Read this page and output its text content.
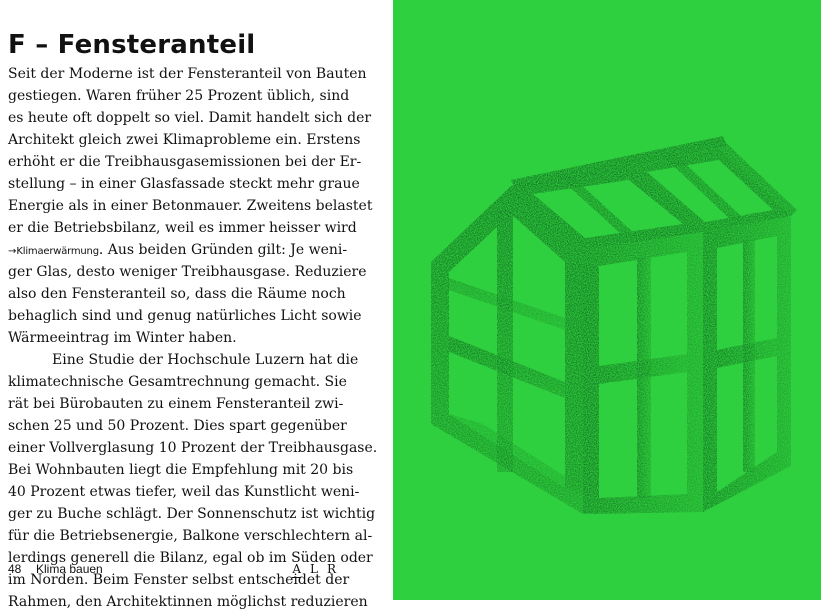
F – Fensteranteil
Seit der Moderne ist der Fensteranteil von Bauten
gestiegen. Waren früher 25 Prozent üblich, sind
es heute oft doppelt so viel. Damit handelt sich der
Architekt gleich zwei Klimaprobleme ein. Erstens
erhöht er die Treibhausgasemissionen bei der Er-
stellung – in einer Glasfassade steckt mehr graue
Energie als in einer Betonmauer. Zweitens belastet
er die Betriebsbilanz, weil es immer heisser wird
→Klimaerwärmung. Aus beiden Gründen gilt: Je weni-
ger Glas, desto weniger Treibhausgase. Reduziere
also den Fensteranteil so, dass die Räume noch
behaglich sind und genug natürliches Licht sowie
Wärmeeintrag im Winter haben.
Eine Studie der Hochschule Luzern hat die
klimatechnische Gesamtrechnung gemacht. Sie
rät bei Bürobauten zu einem Fensteranteil zwi-
schen 25 und 50 Prozent. Dies spart gegenüber
einer Vollverglasung 10 Prozent der Treibhausgase.
Bei Wohnbauten liegt die Empfehlung mit 20 bis
40 Prozent etwas tiefer, weil das Kunstlicht weni-
ger zu Buche schlägt. Der Sonnenschutz ist wichtig
für die Betriebsenergie, Balkone verschlechtern al-
lerdings generell die Bilanz, egal ob im Süden oder
im Norden. Beim Fenster selbst entscheidet der
Rahmen, den Architektinnen möglichst reduzieren
48 Klima bauen	A L R
